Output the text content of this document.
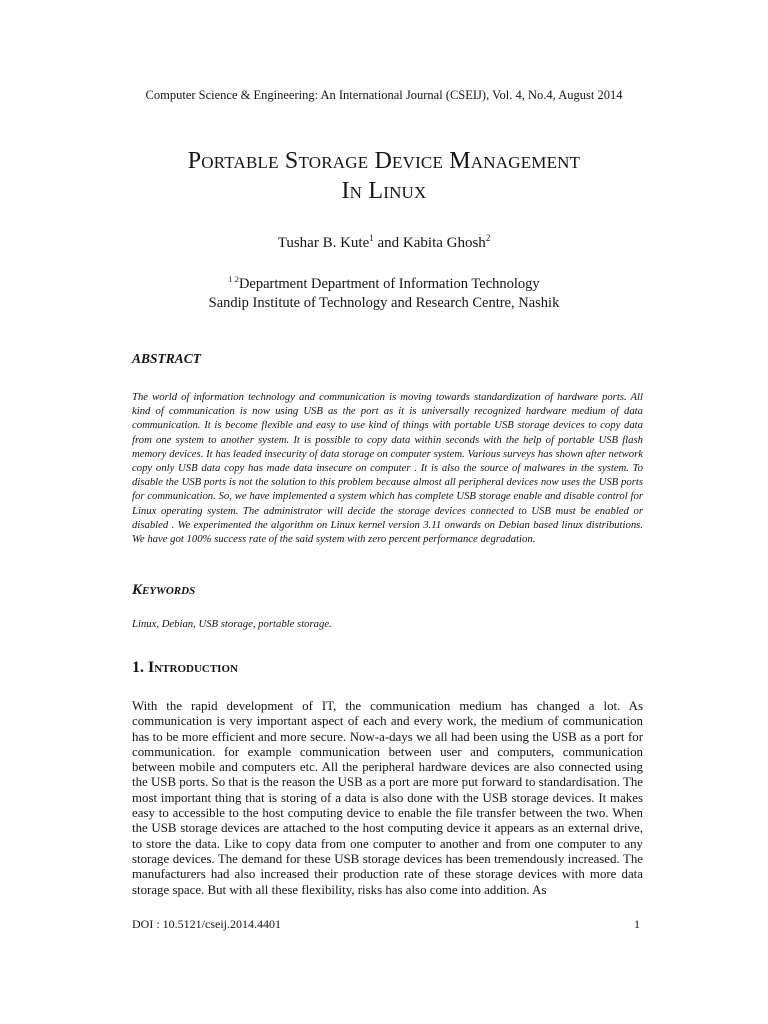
Computer Science & Engineering: An International Journal (CSEIJ), Vol. 4, No.4, August 2014
Portable Storage Device Management
In Linux
Tushar B. Kute$^1$ and Kabita Ghosh$^2$
$^{1 2}$Department Department of Information Technology
Sandip Institute of Technology and Research Centre, Nashik
ABSTRACT
The world of information technology and communication is moving towards standardization of hardware ports. All kind of communication is now using USB as the port as it is universally recognized hardware medium of data communication. It is become flexible and easy to use kind of things with portable USB storage devices to copy data from one system to another system. It is possible to copy data within seconds with the help of portable USB flash memory devices. It has leaded insecurity of data storage on computer system. Various surveys has shown after network copy only USB data copy has made data insecure on computer . It is also the source of malwares in the system. To disable the USB ports is not the solution to this problem because almost all peripheral devices now uses the USB ports for communication. So, we have implemented a system which has complete USB storage enable and disable control for Linux operating system. The administrator will decide the storage devices connected to USB must be enabled or disabled . We experimented the algorithm on Linux kernel version 3.11 onwards on Debian based linux distributions. We have got 100% success rate of the said system with zero percent performance degradation.
Keywords
Linux, Debian, USB storage, portable storage.
1. Introduction
With the rapid development of IT, the communication medium has changed a lot. As communication is very important aspect of each and every work, the medium of communication has to be more efficient and more secure. Now-a-days we all had been using the USB as a port for communication. for example communication between user and computers, communication between mobile and computers etc. All the peripheral hardware devices are also connected using the USB ports. So that is the reason the USB as a port are more put forward to standardisation. The most important thing that is storing of a data is also done with the USB storage devices. It makes easy to accessible to the host computing device to enable the file transfer between the two. When the USB storage devices are attached to the host computing device it appears as an external drive, to store the data. Like to copy data from one computer to another and from one computer to any storage devices. The demand for these USB storage devices has been tremendously increased. The manufacturers had also increased their production rate of these storage devices with more data storage space. But with all these flexibility, risks has also come into addition. As
DOI : 10.5121/cseij.2014.4401	1
